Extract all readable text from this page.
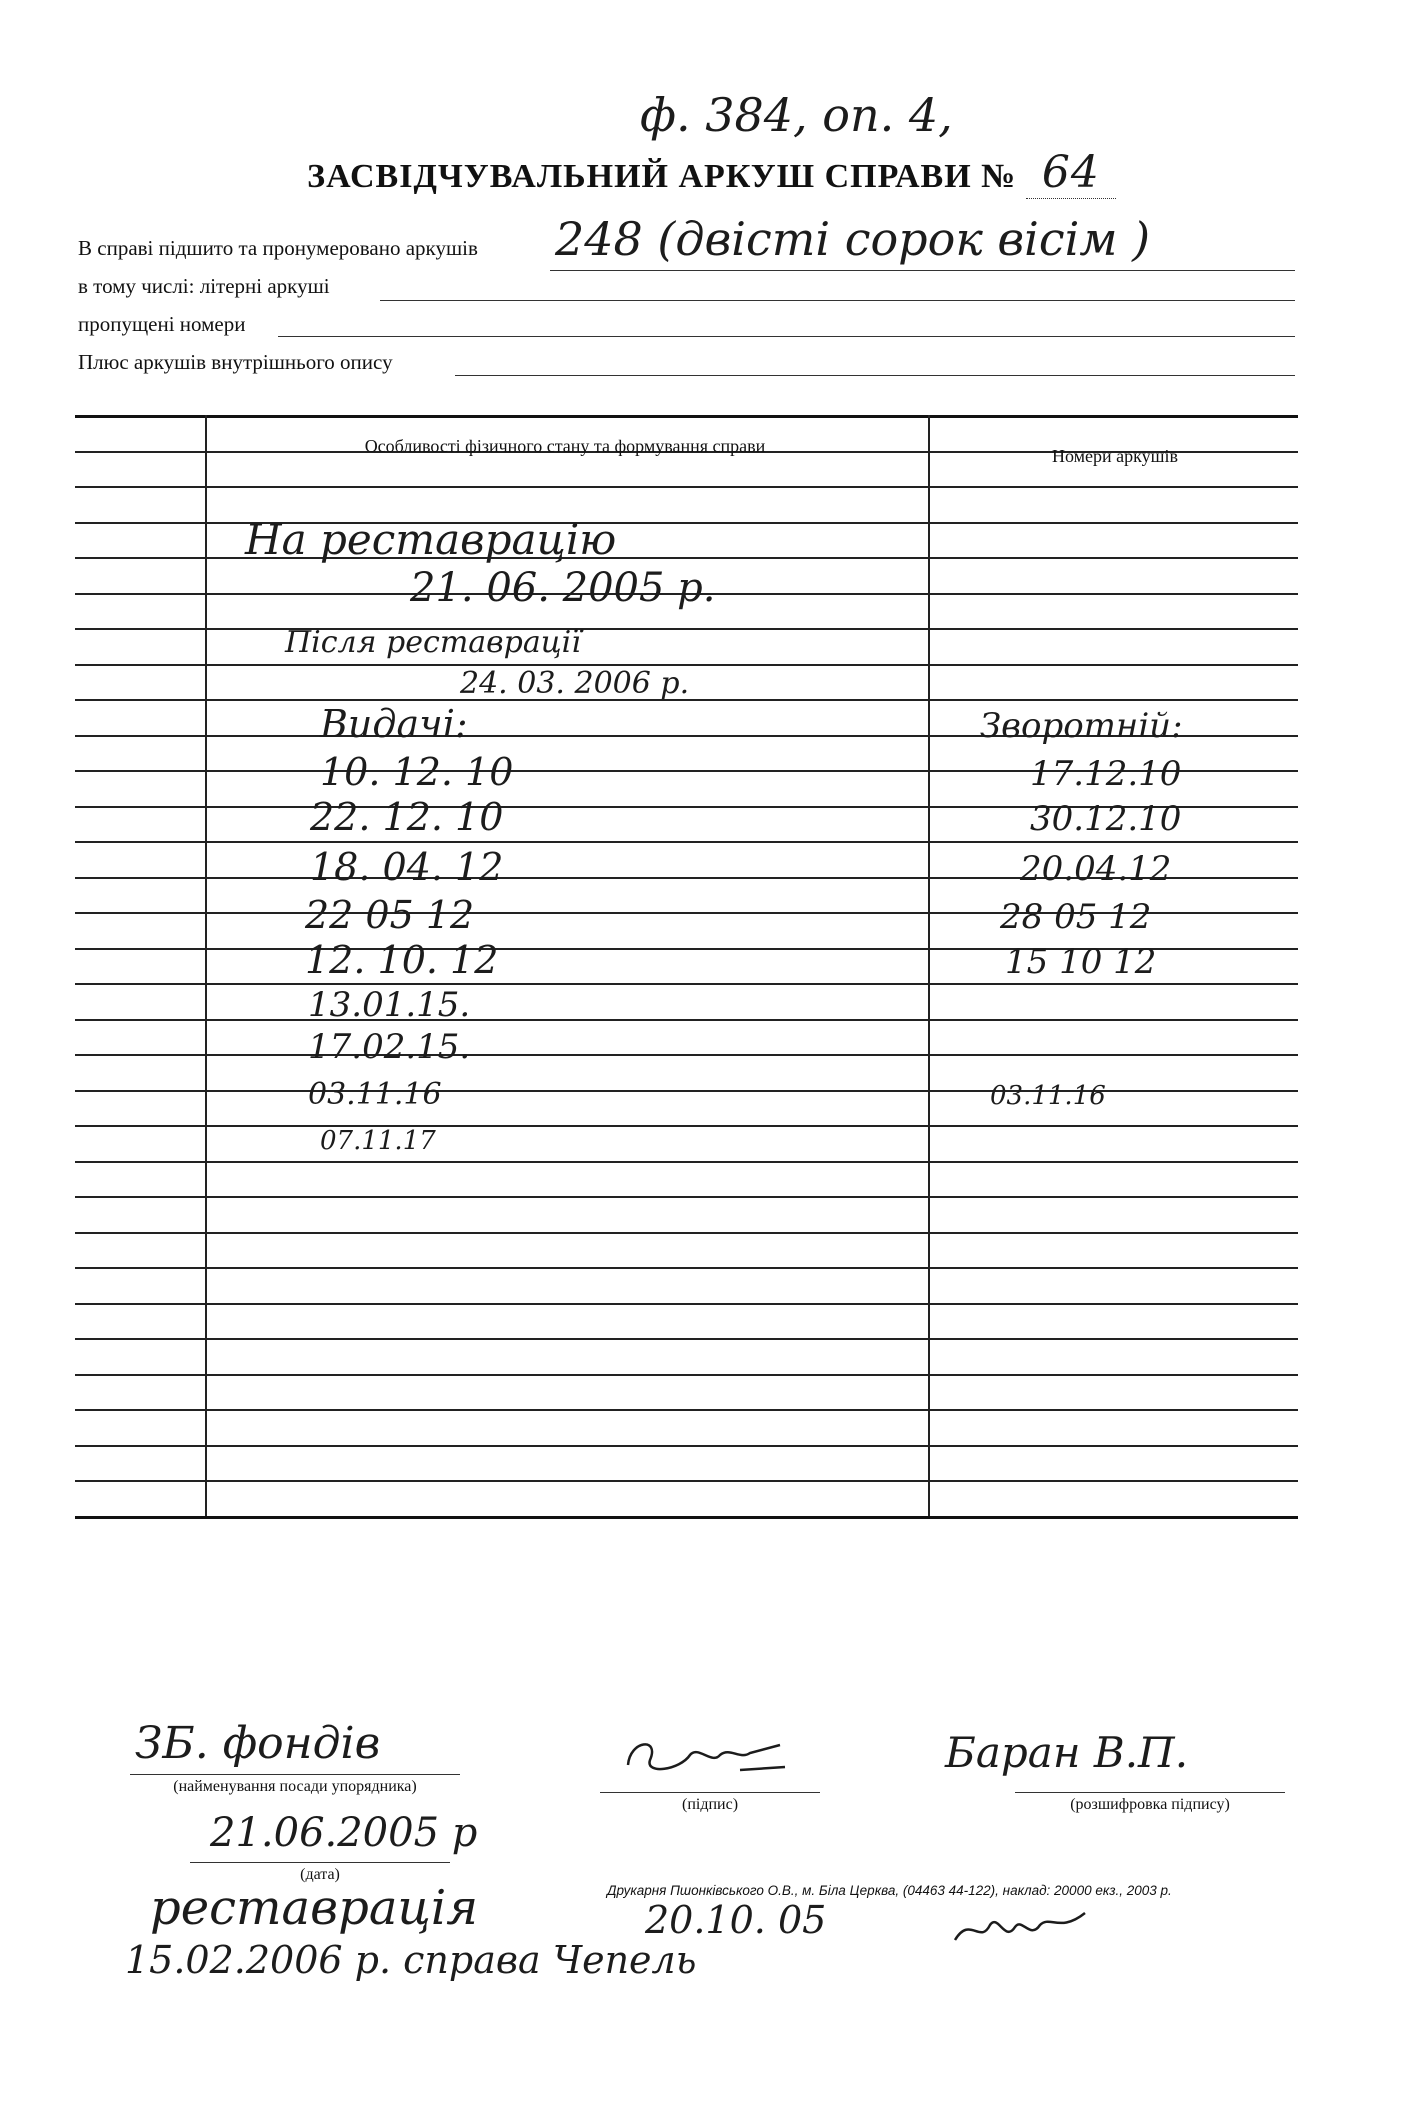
ф. 384, оп. 4,
ЗАСВІДЧУВАЛЬНИЙ АРКУШ СПРАВИ № 64
В справі підшито та пронумеровано аркушів 248 (двісті сорок вісім )
в тому числі: літерні аркуші
пропущені номери
Плюс аркушів внутрішнього опису
Особливості фізичного стану та формування справи	Номери аркушів
На реставрацію
21. 06. 2005 р.
Після реставрації
24. 03. 2006 р.
Видачі:	Зворотній:
10. 12. 10	17.12.10
22. 12. 10	30.12.10
18. 04. 12	20.04.12
22 05 12	28 05 12
12. 10. 12	15 10 12
13.01.15.
17.02.15.
03.11.16	03.11.16
07.11.17
ЗБ. фондів
(найменування посади упорядника)
(підпис)
Баран В.П.
(розшифровка підпису)
21.06.2005 р
(дата)
Друкарня Пшонківського О.В., м. Біла Церква, (04463 44-122), наклад: 20000 екз., 2003 р.
реставрація	20.10. 05
15.02.2006 р. справа Чепель
